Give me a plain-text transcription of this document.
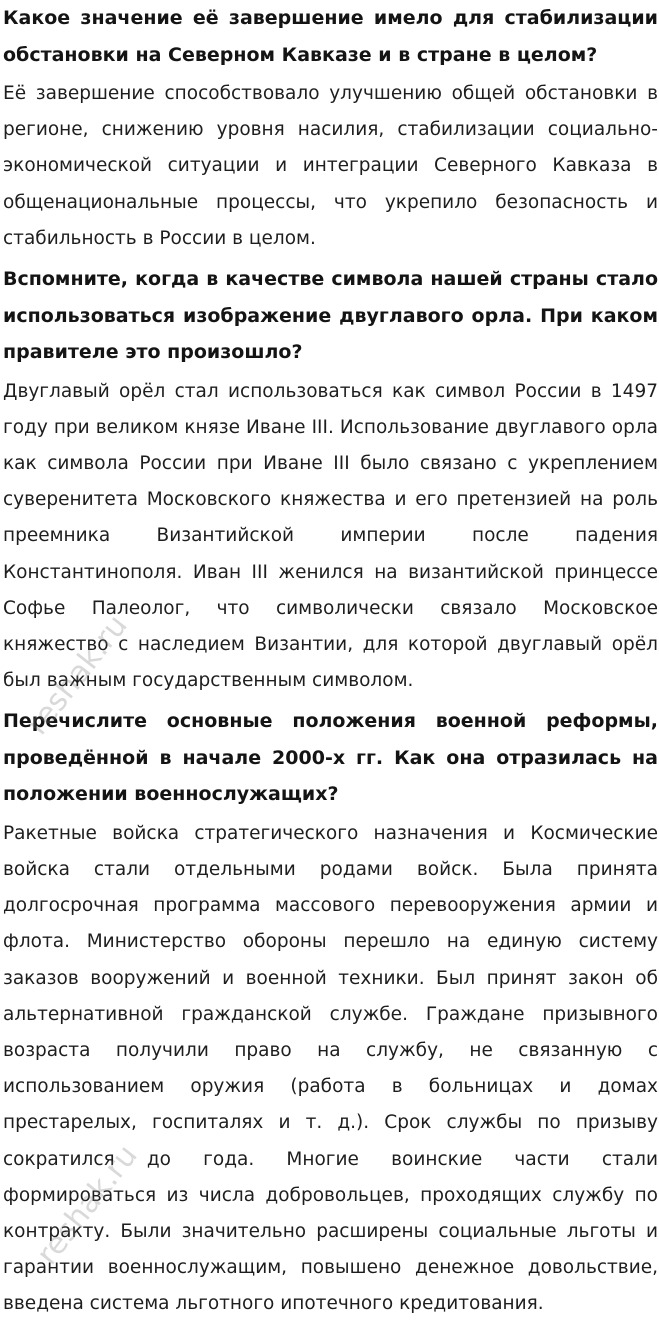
Какое значение её завершение имело для стабилизации обстановки на Северном Кавказе и в стране в целом?

Её завершение способствовало улучшению общей обстановки в регионе, снижению уровня насилия, стабилизации социально-экономической ситуации и интеграции Северного Кавказа в общенациональные процессы, что укрепило безопасность и стабильность в России в целом.

Вспомните, когда в качестве символа нашей страны стало использоваться изображение двуглавого орла. При каком правителе это произошло?

Двуглавый орёл стал использоваться как символ России в 1497 году при великом князе Иване III. Использование двуглавого орла как символа России при Иване III было связано с укреплением суверенитета Московского княжества и его претензией на роль преемника Византийской империи после падения Константинополя. Иван III женился на византийской принцессе Софье Палеолог, что символически связало Московское княжество с наследием Византии, для которой двуглавый орёл был важным государственным символом.

Перечислите основные положения военной реформы, проведённой в начале 2000-х гг. Как она отразилась на положении военнослужащих?

Ракетные войска стратегического назначения и Космические войска стали отдельными родами войск. Была принята долгосрочная программа массового перевооружения армии и флота. Министерство обороны перешло на единую систему заказов вооружений и военной техники. Был принят закон об альтернативной гражданской службе. Граждане призывного возраста получили право на службу, не связанную с использованием оружия (работа в больницах и домах престарелых, госпиталях и т. д.). Срок службы по призыву сократился до года. Многие воинские части стали формироваться из числа добровольцев, проходящих службу по контракту. Были значительно расширены социальные льготы и гарантии военнослужащим, повышено денежное довольствие, введена система льготного ипотечного кредитования.

reshak.ru
reshak.ru
